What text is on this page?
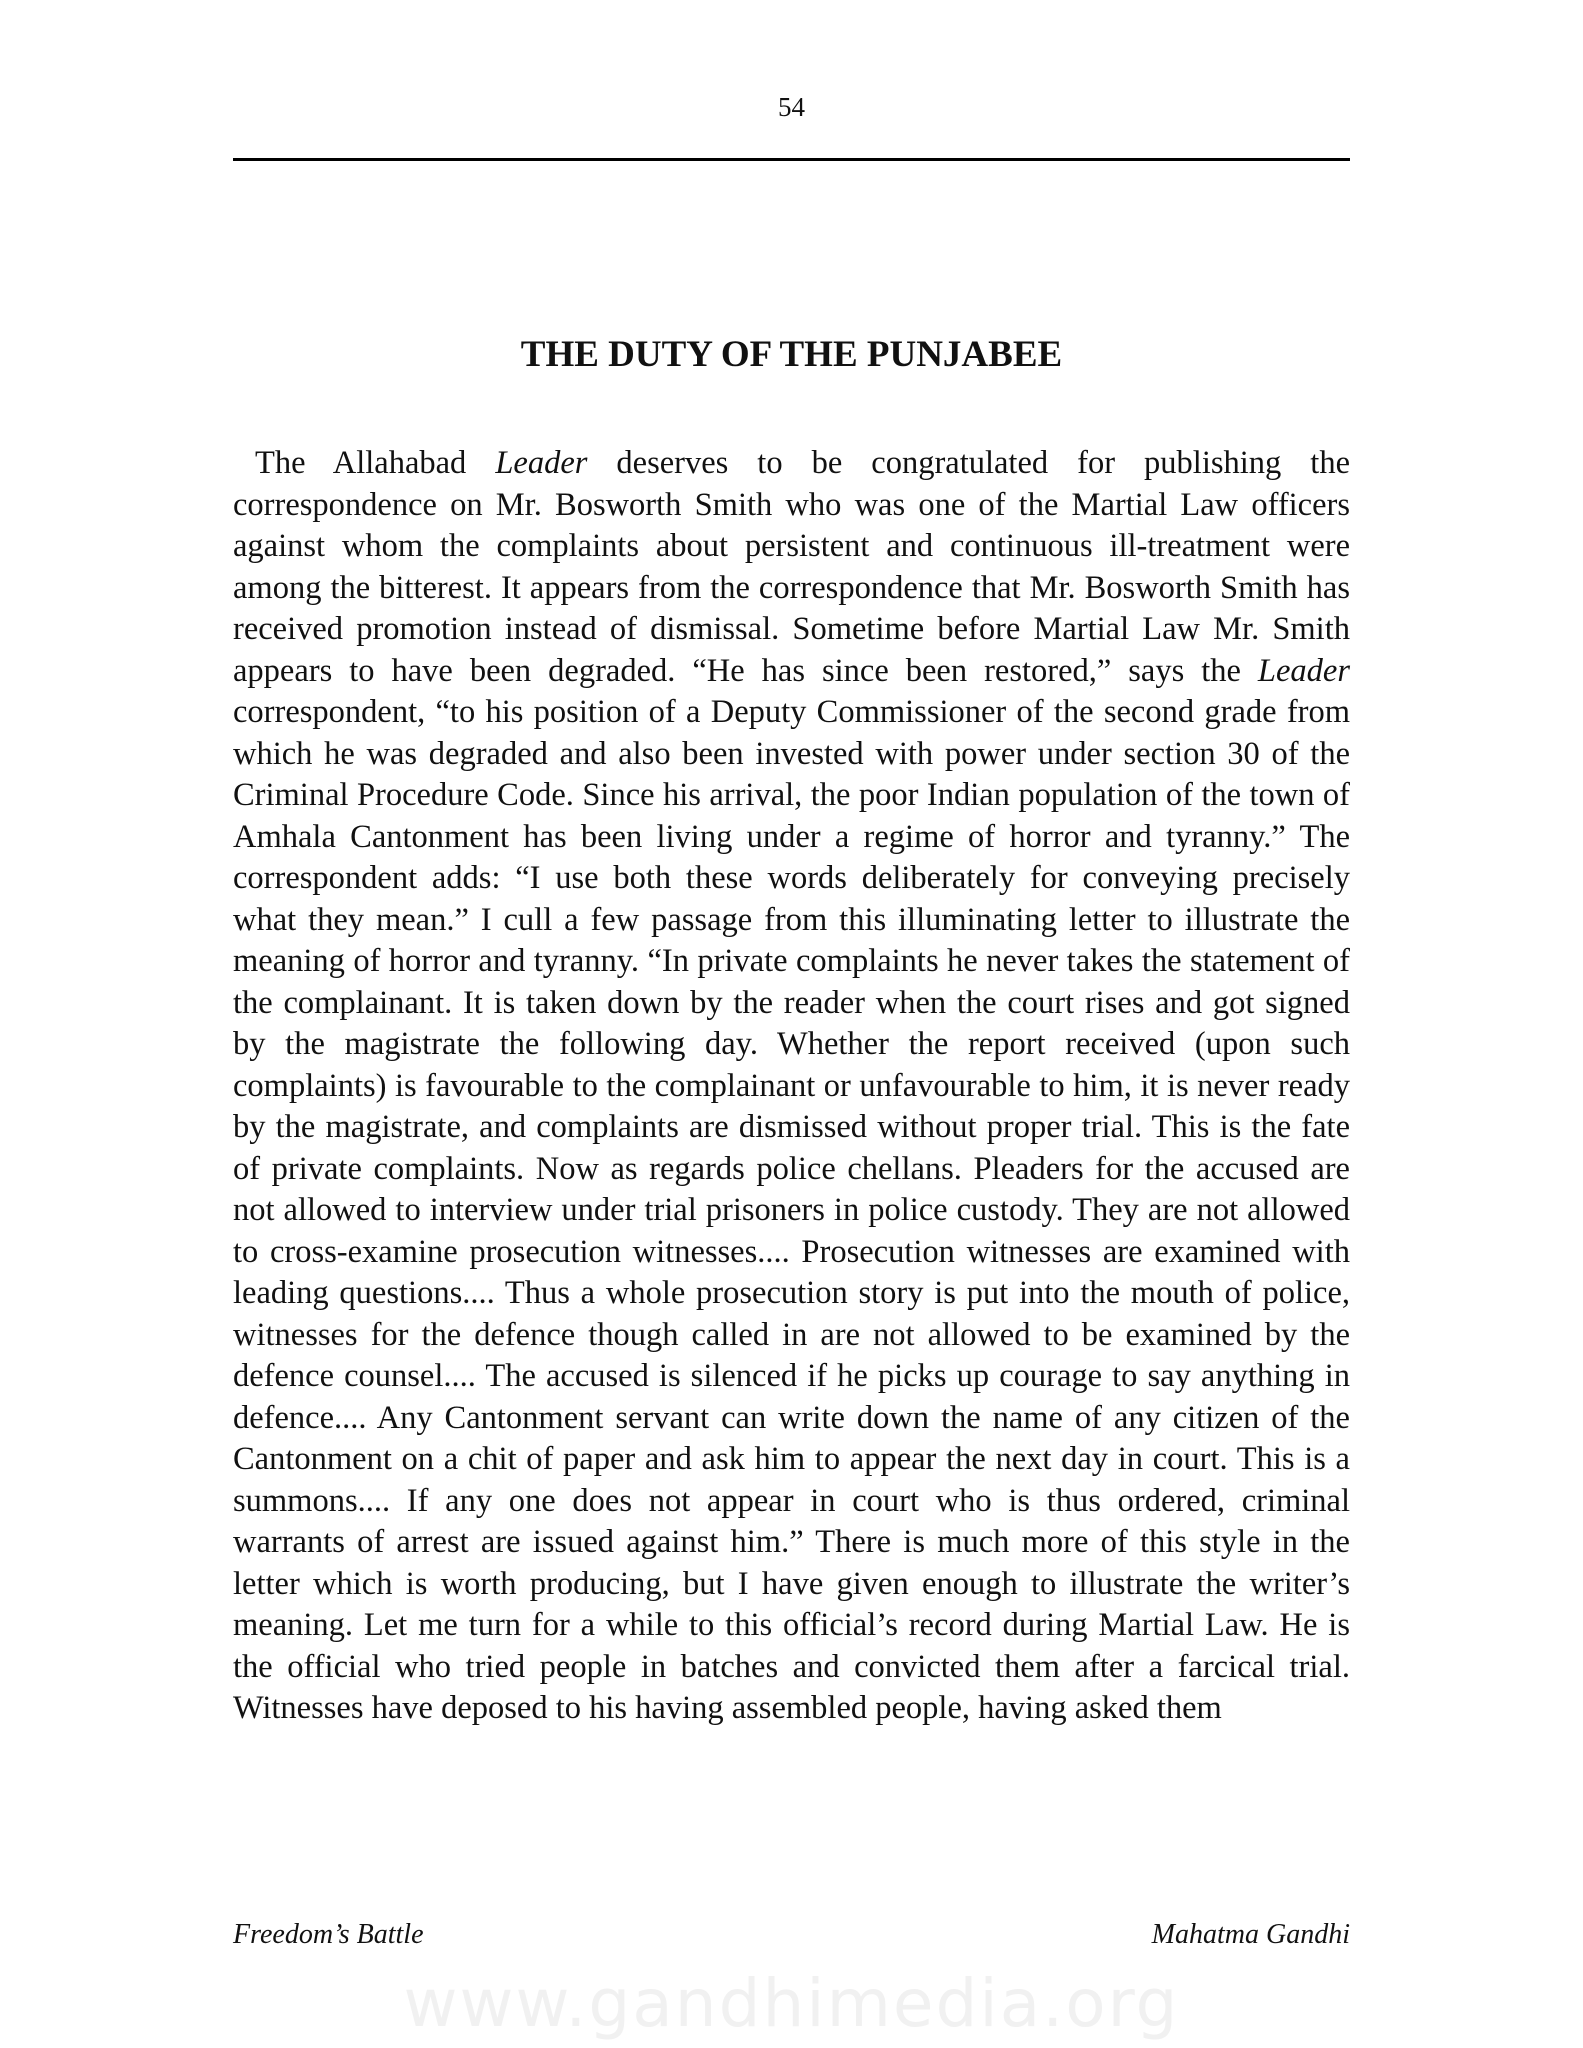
54
THE DUTY OF THE PUNJABEE

The Allahabad Leader deserves to be congratulated for publishing the correspondence on Mr. Bosworth Smith who was one of the Martial Law officers against whom the complaints about persistent and continuous ill-treatment were among the bitterest. It appears from the correspondence that Mr. Bosworth Smith has received promotion instead of dismissal. Sometime before Martial Law Mr. Smith appears to have been degraded. “He has since been restored,” says the Leader correspondent, “to his position of a Deputy Commissioner of the second grade from which he was degraded and also been invested with power under section 30 of the Criminal Procedure Code. Since his arrival, the poor Indian population of the town of Amhala Cantonment has been living under a regime of horror and tyranny.” The correspondent adds: “I use both these words deliberately for conveying precisely what they mean.” I cull a few passage from this illuminating letter to illustrate the meaning of horror and tyranny. “In private complaints he never takes the statement of the complainant. It is taken down by the reader when the court rises and got signed by the magistrate the following day. Whether the report received (upon such complaints) is favourable to the complainant or unfavourable to him, it is never ready by the magistrate, and complaints are dismissed without proper trial. This is the fate of private complaints. Now as regards police chellans. Pleaders for the accused are not allowed to interview under trial prisoners in police custody. They are not allowed to cross-examine prosecution witnesses.... Prosecution witnesses are examined with leading questions.... Thus a whole prosecution story is put into the mouth of police, witnesses for the defence though called in are not allowed to be examined by the defence counsel.... The accused is silenced if he picks up courage to say anything in defence.... Any Cantonment servant can write down the name of any citizen of the Cantonment on a chit of paper and ask him to appear the next day in court. This is a summons.... If any one does not appear in court who is thus ordered, criminal warrants of arrest are issued against him.” There is much more of this style in the letter which is worth producing, but I have given enough to illustrate the writer’s meaning. Let me turn for a while to this official’s record during Martial Law. He is the official who tried people in batches and convicted them after a farcical trial. Witnesses have deposed to his having assembled people, having asked them

Freedom’s Battle	Mahatma Gandhi
www.gandhimedia.org
